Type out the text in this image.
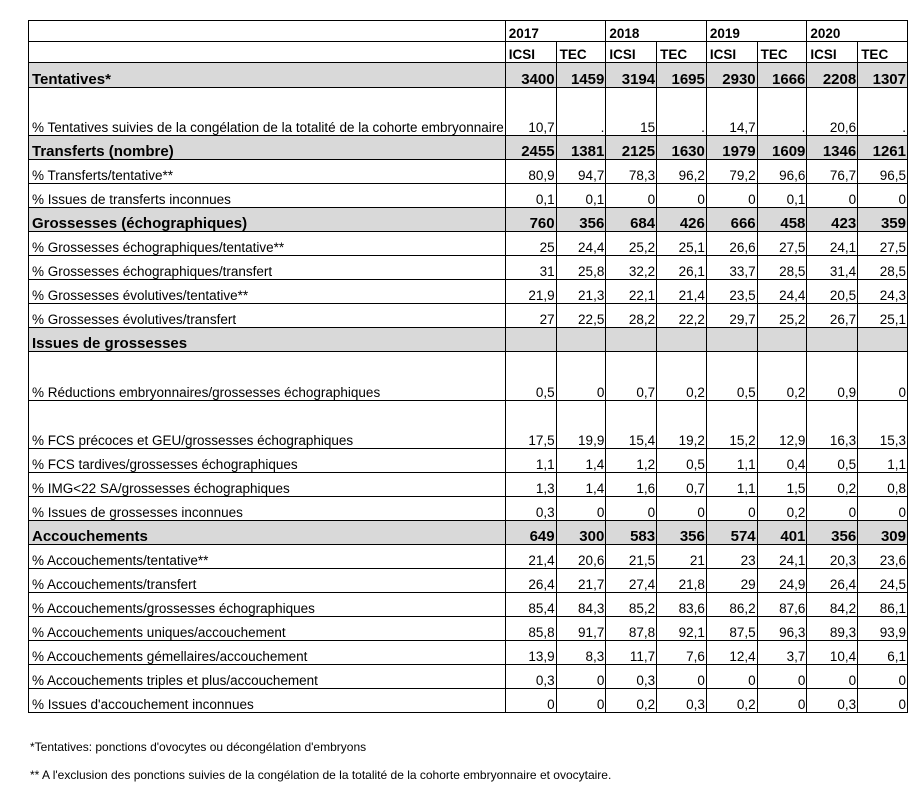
	2017		2018		2019		2020	
	ICSI	TEC	ICSI	TEC	ICSI	TEC	ICSI	TEC
Tentatives*	3400	1459	3194	1695	2930	1666	2208	1307
% Tentatives suivies de la congélation de la totalité de la cohorte embryonnaire	10,7	.	15	.	14,7	.	20,6	.
Transferts (nombre)	2455	1381	2125	1630	1979	1609	1346	1261
% Transferts/tentative**	80,9	94,7	78,3	96,2	79,2	96,6	76,7	96,5
% Issues de transferts inconnues	0,1	0,1	0	0	0	0,1	0	0
Grossesses (échographiques)	760	356	684	426	666	458	423	359
% Grossesses échographiques/tentative**	25	24,4	25,2	25,1	26,6	27,5	24,1	27,5
% Grossesses échographiques/transfert	31	25,8	32,2	26,1	33,7	28,5	31,4	28,5
% Grossesses évolutives/tentative**	21,9	21,3	22,1	21,4	23,5	24,4	20,5	24,3
% Grossesses évolutives/transfert	27	22,5	28,2	22,2	29,7	25,2	26,7	25,1
Issues de grossesses								
% Réductions embryonnaires/grossesses échographiques	0,5	0	0,7	0,2	0,5	0,2	0,9	0
% FCS précoces et GEU/grossesses échographiques	17,5	19,9	15,4	19,2	15,2	12,9	16,3	15,3
% FCS tardives/grossesses échographiques	1,1	1,4	1,2	0,5	1,1	0,4	0,5	1,1
% IMG<22 SA/grossesses échographiques	1,3	1,4	1,6	0,7	1,1	1,5	0,2	0,8
% Issues de grossesses inconnues	0,3	0	0	0	0	0,2	0	0
Accouchements	649	300	583	356	574	401	356	309
% Accouchements/tentative**	21,4	20,6	21,5	21	23	24,1	20,3	23,6
% Accouchements/transfert	26,4	21,7	27,4	21,8	29	24,9	26,4	24,5
% Accouchements/grossesses échographiques	85,4	84,3	85,2	83,6	86,2	87,6	84,2	86,1
% Accouchements uniques/accouchement	85,8	91,7	87,8	92,1	87,5	96,3	89,3	93,9
% Accouchements gémellaires/accouchement	13,9	8,3	11,7	7,6	12,4	3,7	10,4	6,1
% Accouchements triples et plus/accouchement	0,3	0	0,3	0	0	0	0	0
% Issues d'accouchement inconnues	0	0	0,2	0,3	0,2	0	0,3	0
*Tentatives: ponctions d'ovocytes ou décongélation d'embryons
** A l'exclusion des ponctions suivies de la congélation de la totalité de la cohorte embryonnaire et ovocytaire.
